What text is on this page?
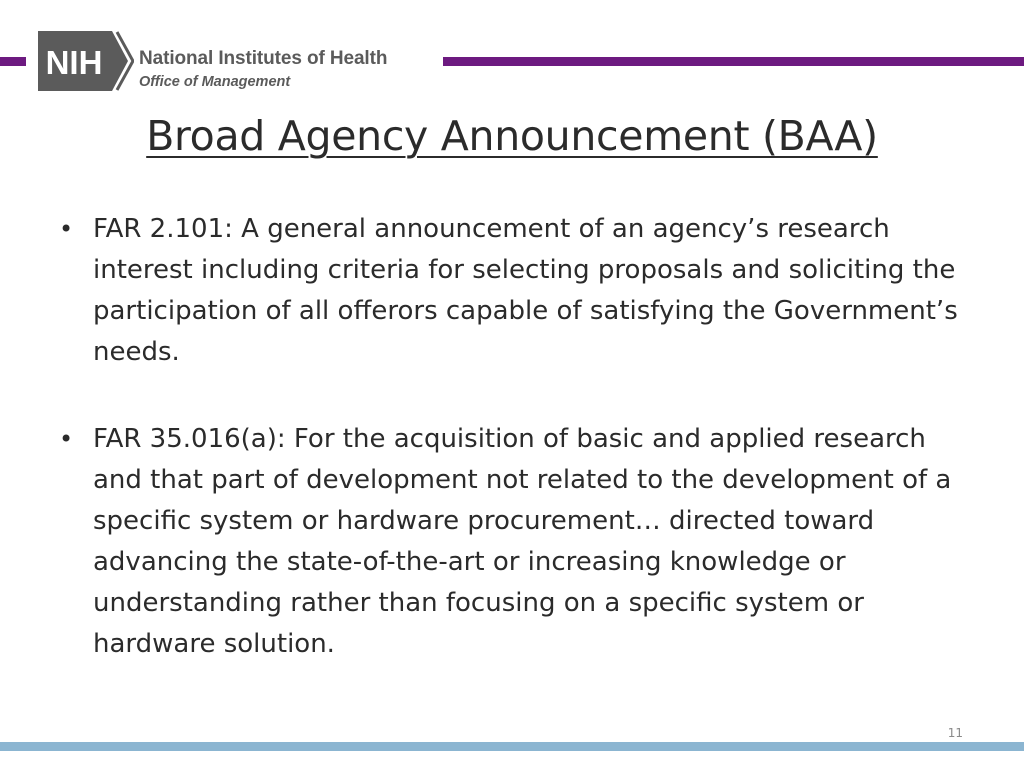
NIH National Institutes of Health
Office of Management
Broad Agency Announcement (BAA)
• FAR 2.101: A general announcement of an agency’s research interest including criteria for selecting proposals and soliciting the participation of all offerors capable of satisfying the Government’s needs.
• FAR 35.016(a): For the acquisition of basic and applied research and that part of development not related to the development of a specific system or hardware procurement… directed toward advancing the state-of-the-art or increasing knowledge or understanding rather than focusing on a specific system or hardware solution.
11
